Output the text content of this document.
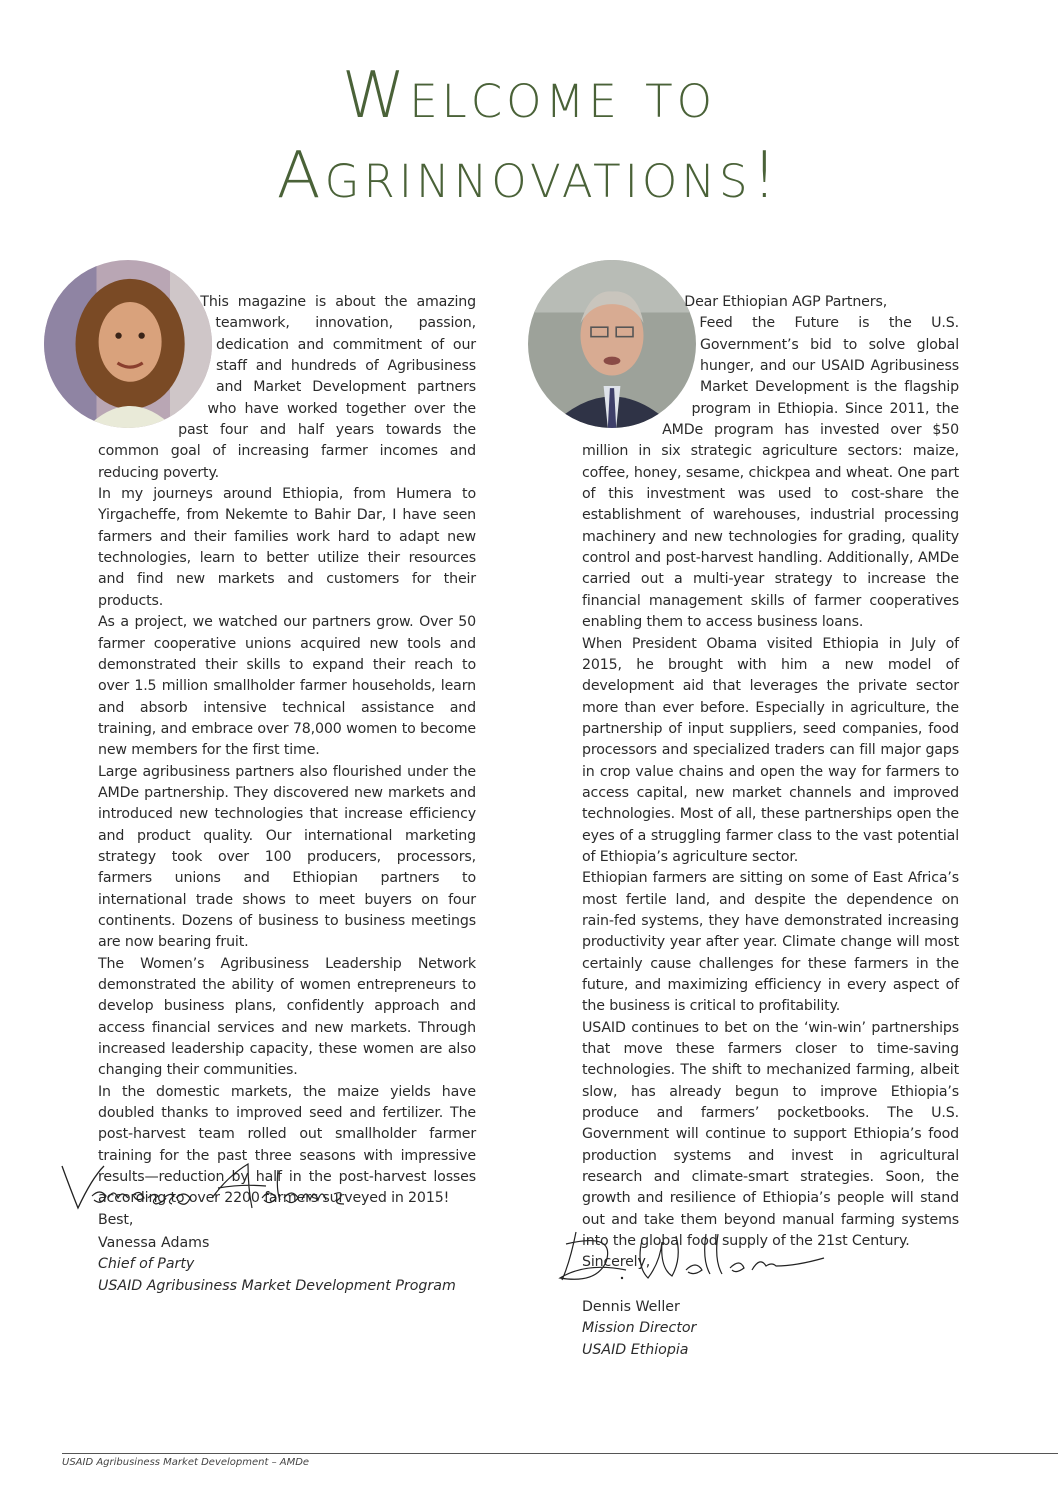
Welcome to
Agrinnovations!

This magazine is about the amazing teamwork, innovation, passion, dedication and commitment of our staff and hundreds of Agribusiness and Market Development partners who have worked together over the past four and half years towards the common goal of increasing farmer incomes and reducing poverty.

In my journeys around Ethiopia, from Humera to Yirgacheffe, from Nekemte to Bahir Dar, I have seen farmers and their families work hard to adapt new technologies, learn to better utilize their resources and find new markets and customers for their products.

As a project, we watched our partners grow. Over 50 farmer cooperative unions acquired new tools and demonstrated their skills to expand their reach to over 1.5 million smallholder farmer households, learn and absorb intensive technical assistance and training, and embrace over 78,000 women to become new members for the first time.

Large agribusiness partners also flourished under the AMDe partnership. They discovered new markets and introduced new technologies that increase efficiency and product quality. Our international marketing strategy took over 100 producers, processors, farmers unions and Ethiopian partners to international trade shows to meet buyers on four continents. Dozens of business to business meetings are now bearing fruit.

The Women’s Agribusiness Leadership Network demonstrated the ability of women entrepreneurs to develop business plans, confidently approach and access financial services and new markets. Through increased leadership capacity, these women are also changing their communities.

In the domestic markets, the maize yields have doubled thanks to improved seed and fertilizer. The post-harvest team rolled out smallholder farmer training for the past three seasons with impressive results—reduction by half in the post-harvest losses according to over 2200 farmers surveyed in 2015!

Best,

Vanessa Adams
Chief of Party
USAID Agribusiness Market Development Program

Dear Ethiopian AGP Partners,

Feed the Future is the U.S. Government’s bid to solve global hunger, and our USAID Agribusiness Market Development is the flagship program in Ethiopia. Since 2011, the AMDe program has invested over $50 million in six strategic agriculture sectors: maize, coffee, honey, sesame, chickpea and wheat. One part of this investment was used to cost-share the establishment of warehouses, industrial processing machinery and new technologies for grading, quality control and post-harvest handling. Additionally, AMDe carried out a multi-year strategy to increase the financial management skills of farmer cooperatives enabling them to access business loans.

When President Obama visited Ethiopia in July of 2015, he brought with him a new model of development aid that leverages the private sector more than ever before. Especially in agriculture, the partnership of input suppliers, seed companies, food processors and specialized traders can fill major gaps in crop value chains and open the way for farmers to access capital, new market channels and improved technologies. Most of all, these partnerships open the eyes of a struggling farmer class to the vast potential of Ethiopia’s agriculture sector.

Ethiopian farmers are sitting on some of East Africa’s most fertile land, and despite the dependence on rain-fed systems, they have demonstrated increasing productivity year after year. Climate change will most certainly cause challenges for these farmers in the future, and maximizing efficiency in every aspect of the business is critical to profitability.

USAID continues to bet on the ‘win-win’ partnerships that move these farmers closer to time-saving technologies. The shift to mechanized farming, albeit slow, has already begun to improve Ethiopia’s produce and farmers’ pocketbooks. The U.S. Government will continue to support Ethiopia’s food production systems and invest in agricultural research and climate-smart strategies. Soon, the growth and resilience of Ethiopia’s people will stand out and take them beyond manual farming systems into the global food supply of the 21st Century.

Sincerely,

Dennis Weller
Mission Director
USAID Ethiopia
USAID Agribusiness Market Development – AMDe
